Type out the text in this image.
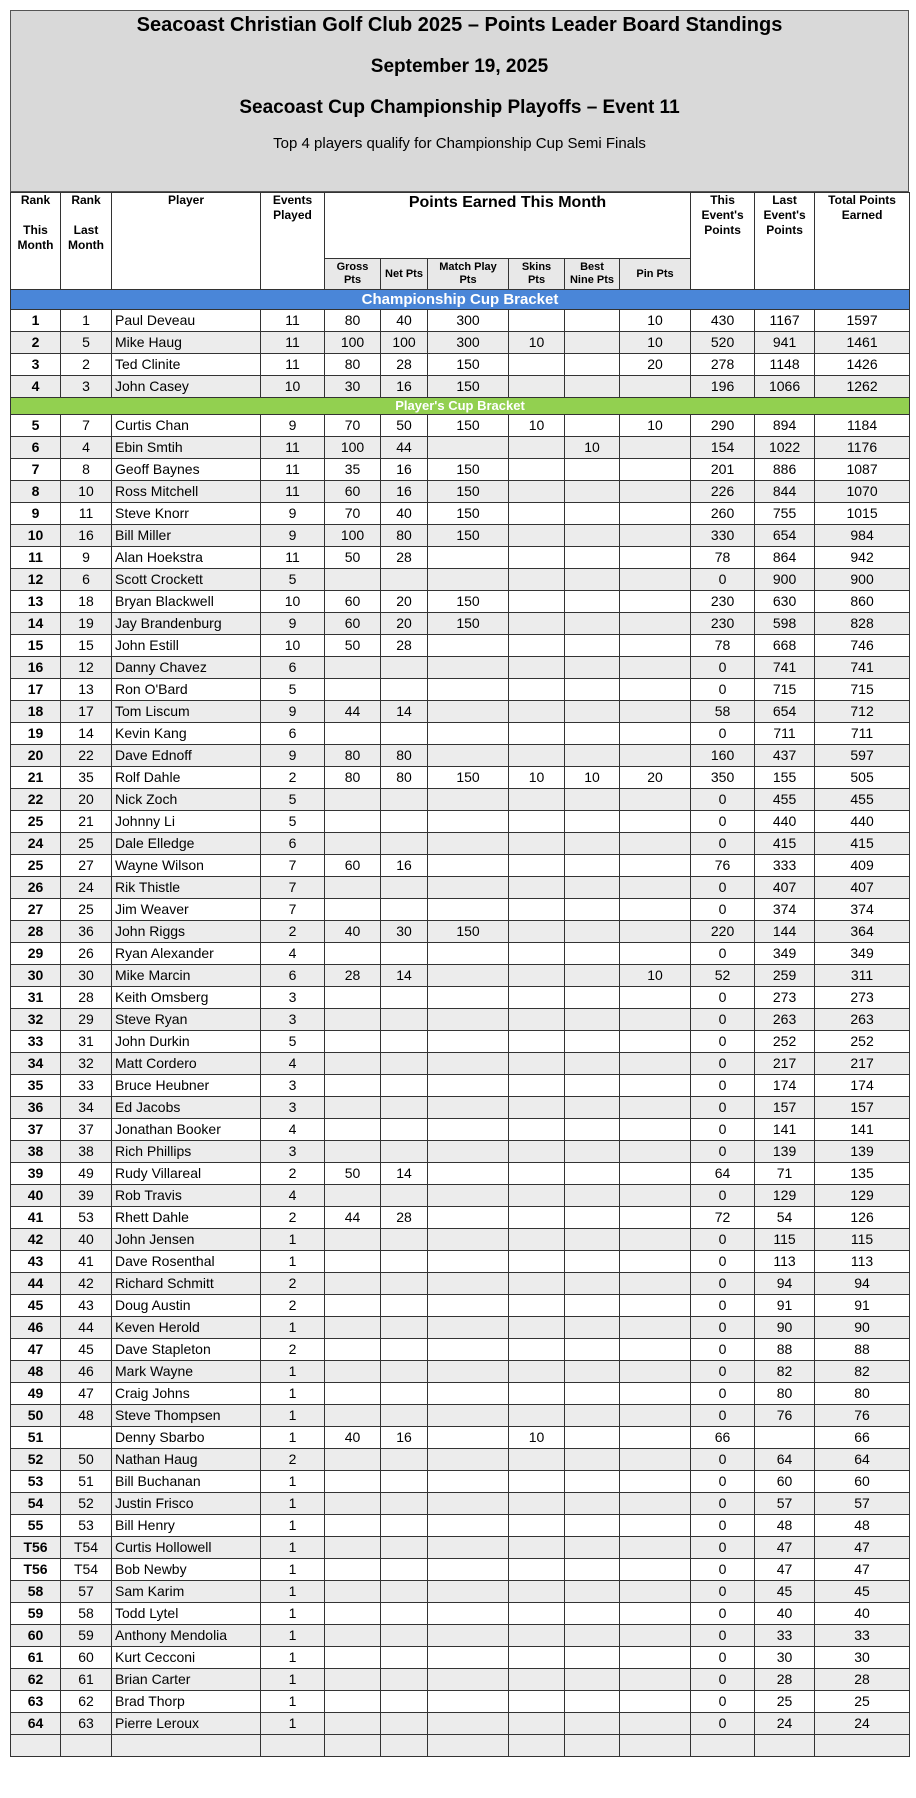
Seacoast Christian Golf Club 2025 – Points Leader Board Standings
September 19, 2025
Seacoast Cup Championship Playoffs – Event 11
Top 4 players qualify for Championship Cup Semi Finals
Rank

This
Month	Rank

Last
Month	Player	Events
Played	Points Earned This Month						This
Event's
Points	Last
Event's
Points	Total Points
Earned
				Gross
Pts	Net Pts	Match Play
Pts	Skins
Pts	Best
Nine Pts	Pin Pts			
Championship Cup Bracket												
1	1	Paul Deveau	11	80	40	300			10	430	1167	1597
2	5	Mike Haug	11	100	100	300	10		10	520	941	1461
3	2	Ted Clinite	11	80	28	150			20	278	1148	1426
4	3	John Casey	10	30	16	150				196	1066	1262
Player's Cup Bracket												
5	7	Curtis Chan	9	70	50	150	10		10	290	894	1184
6	4	Ebin Smtih	11	100	44			10		154	1022	1176
7	8	Geoff Baynes	11	35	16	150				201	886	1087
8	10	Ross Mitchell	11	60	16	150				226	844	1070
9	11	Steve Knorr	9	70	40	150				260	755	1015
10	16	Bill Miller	9	100	80	150				330	654	984
11	9	Alan Hoekstra	11	50	28					78	864	942
12	6	Scott Crockett	5							0	900	900
13	18	Bryan Blackwell	10	60	20	150				230	630	860
14	19	Jay Brandenburg	9	60	20	150				230	598	828
15	15	John Estill	10	50	28					78	668	746
16	12	Danny Chavez	6							0	741	741
17	13	Ron O'Bard	5							0	715	715
18	17	Tom Liscum	9	44	14					58	654	712
19	14	Kevin Kang	6							0	711	711
20	22	Dave Ednoff	9	80	80					160	437	597
21	35	Rolf Dahle	2	80	80	150	10	10	20	350	155	505
22	20	Nick Zoch	5							0	455	455
25	21	Johnny Li	5							0	440	440
24	25	Dale Elledge	6							0	415	415
25	27	Wayne Wilson	7	60	16					76	333	409
26	24	Rik Thistle	7							0	407	407
27	25	Jim Weaver	7							0	374	374
28	36	John Riggs	2	40	30	150				220	144	364
29	26	Ryan Alexander	4							0	349	349
30	30	Mike Marcin	6	28	14				10	52	259	311
31	28	Keith Omsberg	3							0	273	273
32	29	Steve Ryan	3							0	263	263
33	31	John Durkin	5							0	252	252
34	32	Matt Cordero	4							0	217	217
35	33	Bruce Heubner	3							0	174	174
36	34	Ed Jacobs	3							0	157	157
37	37	Jonathan Booker	4							0	141	141
38	38	Rich Phillips	3							0	139	139
39	49	Rudy Villareal	2	50	14					64	71	135
40	39	Rob Travis	4							0	129	129
41	53	Rhett Dahle	2	44	28					72	54	126
42	40	John Jensen	1							0	115	115
43	41	Dave Rosenthal	1							0	113	113
44	42	Richard Schmitt	2							0	94	94
45	43	Doug Austin	2							0	91	91
46	44	Keven Herold	1							0	90	90
47	45	Dave Stapleton	2							0	88	88
48	46	Mark Wayne	1							0	82	82
49	47	Craig Johns	1							0	80	80
50	48	Steve Thompsen	1							0	76	76
51		Denny Sbarbo	1	40	16		10			66		66
52	50	Nathan Haug	2							0	64	64
53	51	Bill Buchanan	1							0	60	60
54	52	Justin Frisco	1							0	57	57
55	53	Bill Henry	1							0	48	48
T56	T54	Curtis Hollowell	1							0	47	47
T56	T54	Bob Newby	1							0	47	47
58	57	Sam Karim	1							0	45	45
59	58	Todd Lytel	1							0	40	40
60	59	Anthony Mendolia	1							0	33	33
61	60	Kurt Cecconi	1							0	30	30
62	61	Brian Carter	1							0	28	28
63	62	Brad Thorp	1							0	25	25
64	63	Pierre Leroux	1							0	24	24
